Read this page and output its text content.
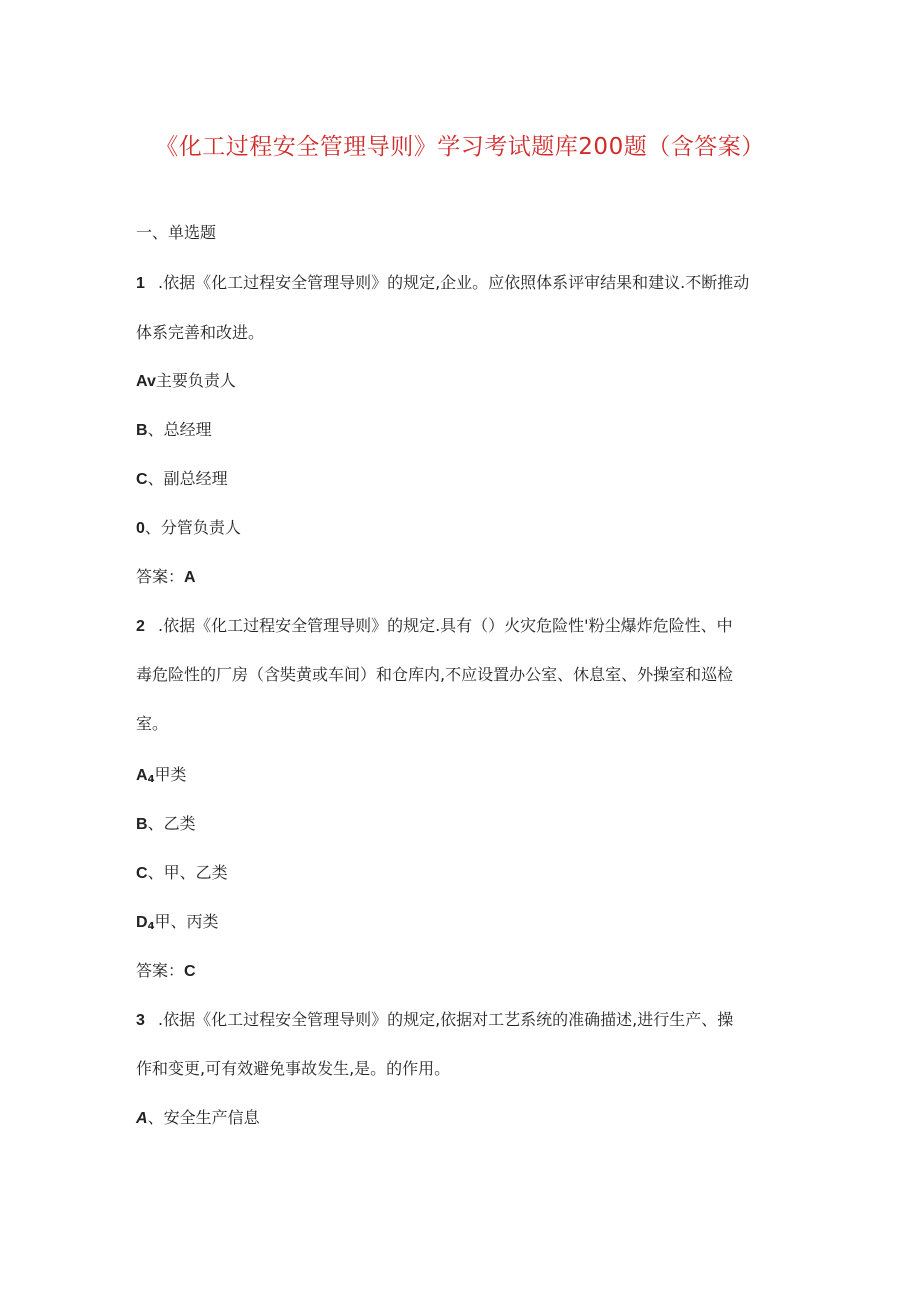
《化工过程安全管理导则》学习考试题库200题（含答案）
一、单选题
1 .依据《化工过程安全管理导则》的规定,企业。应依照体系评审结果和建议.不断推动
体系完善和改进。
Av主要负责人
B、总经理
C、副总经理
0、分管负责人
答案：A
2 .依据《化工过程安全管理导则》的规定.具有（）火灾危险性'粉尘爆炸危险性、中
毒危险性的厂房（含奘黄或车间）和仓库内,不应设置办公室、休息室、外操室和巡检
室。
$A_4$甲类
B、乙类
C、甲、乙类
$D_4$甲、丙类
答案：C
3 .依据《化工过程安全管理导则》的规定,依据对工艺系统的准确描述,进行生产、操
作和变更,可有效避免事故发生,是。的作用。
A、安全生产信息
